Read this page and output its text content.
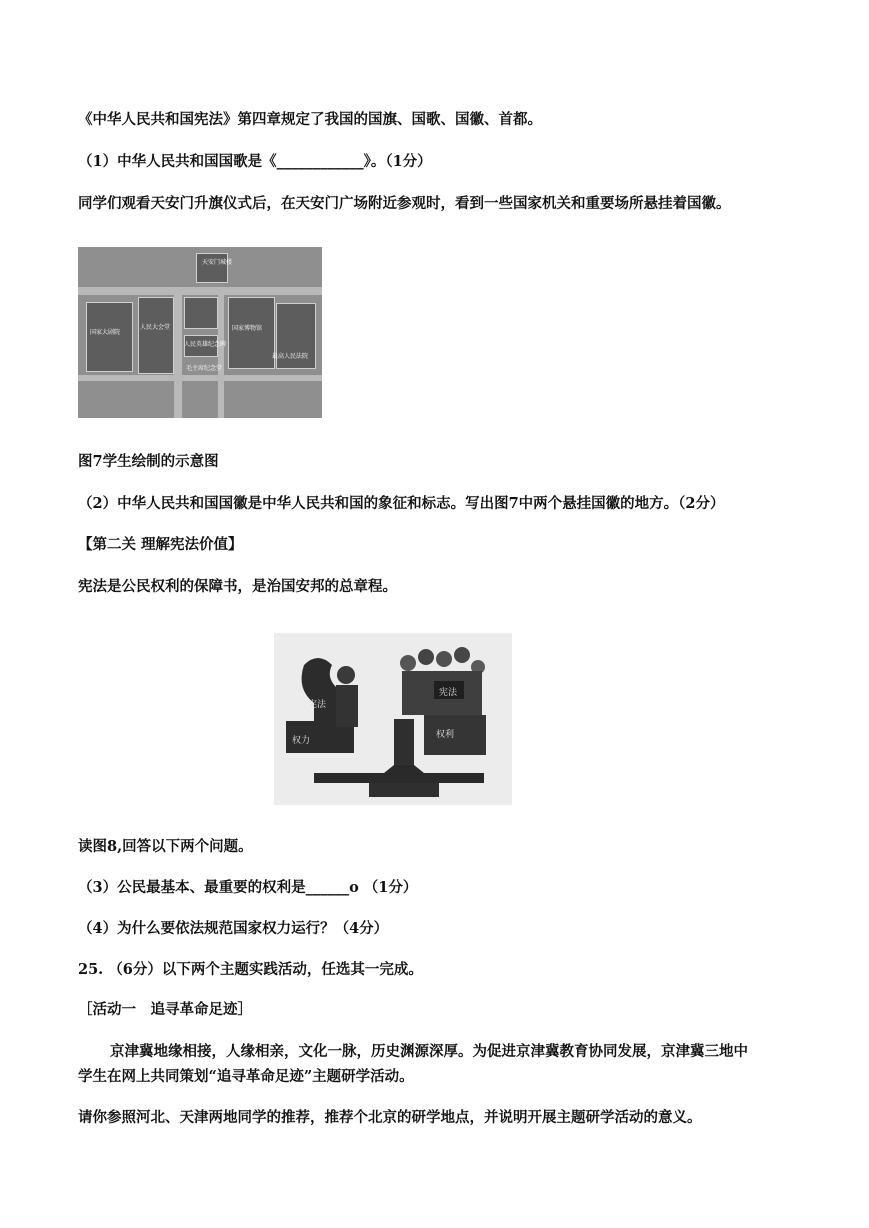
《中华人民共和国宪法》第四章规定了我国的国旗、国歌、国徽、首都。
（1）中华人民共和国国歌是《____________》。（1分）
同学们观看天安门升旗仪式后，在天安门广场附近参观时，看到一些国家机关和重要场所悬挂着国徽。
天安门城楼
国家大剧院
人民大会堂
人民英雄纪念碑
毛主席纪念堂
国家博物馆
最高人民法院
图7学生绘制的示意图
（2）中华人民共和国国徽是中华人民共和国的象征和标志。写出图7中两个悬挂国徽的地方。（2分）
【第二关 理解宪法价值】
宪法是公民权利的保障书，是治国安邦的总章程。
宪法
权力
宪法
权利
读图8,回答以下两个问题。
（3）公民最基本、最重要的权利是______o （1分）
（4）为什么要依法规范国家权力运行？（4分）
25. （6分）以下两个主题实践活动，任选其一完成。
［活动一　追寻革命足迹］
京津冀地缘相接，人缘相亲，文化一脉，历史渊源深厚。为促进京津冀教育协同发展，京津冀三地中
学生在网上共同策划“追寻革命足迹”主题研学活动。
请你参照河北、天津两地同学的推荐，推荐个北京的研学地点，并说明开展主题研学活动的意义。
